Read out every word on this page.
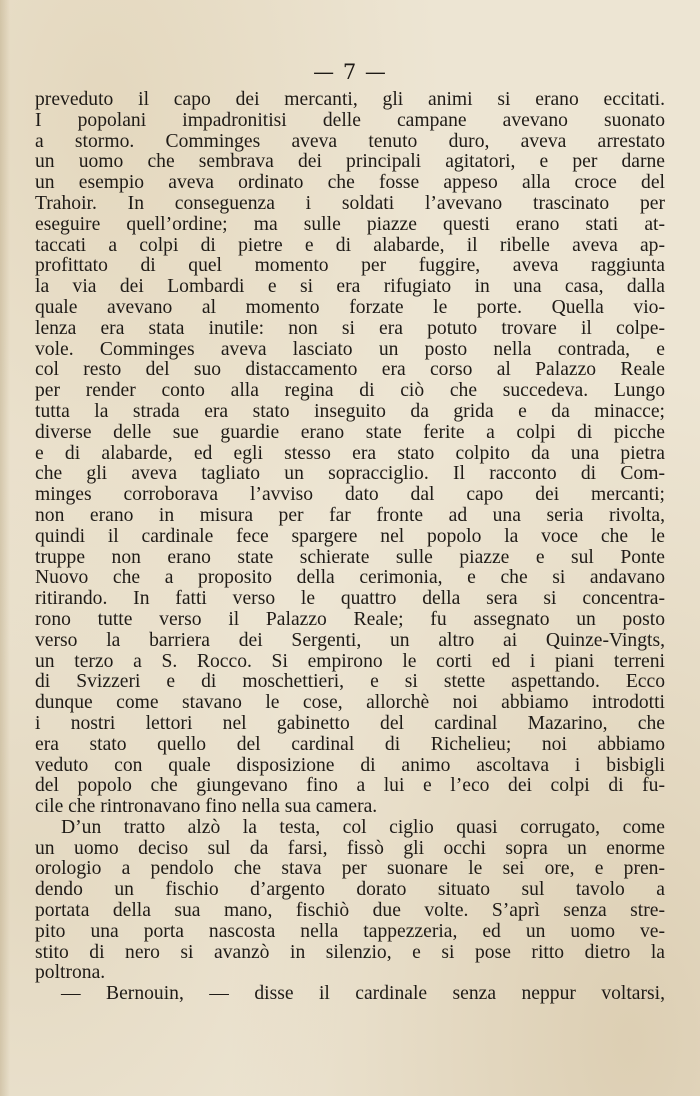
— 7 —
preveduto il capo dei mercanti, gli animi si erano eccitati.
I popolani impadronitisi delle campane avevano suonato
a stormo. Comminges aveva tenuto duro, aveva arrestato
un uomo che sembrava dei principali agitatori, e per darne
un esempio aveva ordinato che fosse appeso alla croce del
Trahoir. In conseguenza i soldati l’avevano trascinato per
eseguire quell’ordine; ma sulle piazze questi erano stati at-
taccati a colpi di pietre e di alabarde, il ribelle aveva ap-
profittato di quel momento per fuggire, aveva raggiunta
la via dei Lombardi e si era rifugiato in una casa, dalla
quale avevano al momento forzate le porte. Quella vio-
lenza era stata inutile: non si era potuto trovare il colpe-
vole. Comminges aveva lasciato un posto nella contrada, e
col resto del suo distaccamento era corso al Palazzo Reale
per render conto alla regina di ciò che succedeva. Lungo
tutta la strada era stato inseguito da grida e da minacce;
diverse delle sue guardie erano state ferite a colpi di picche
e di alabarde, ed egli stesso era stato colpito da una pietra
che gli aveva tagliato un sopracciglio. Il racconto di Com-
minges corroborava l’avviso dato dal capo dei mercanti;
non erano in misura per far fronte ad una seria rivolta,
quindi il cardinale fece spargere nel popolo la voce che le
truppe non erano state schierate sulle piazze e sul Ponte
Nuovo che a proposito della cerimonia, e che si andavano
ritirando. In fatti verso le quattro della sera si concentra-
rono tutte verso il Palazzo Reale; fu assegnato un posto
verso la barriera dei Sergenti, un altro ai Quinze-Vingts,
un terzo a S. Rocco. Si empirono le corti ed i piani terreni
di Svizzeri e di moschettieri, e si stette aspettando. Ecco
dunque come stavano le cose, allorchè noi abbiamo introdotti
i nostri lettori nel gabinetto del cardinal Mazarino, che
era stato quello del cardinal di Richelieu; noi abbiamo
veduto con quale disposizione di animo ascoltava i bisbigli
del popolo che giungevano fino a lui e l’eco dei colpi di fu-
cile che rintronavano fino nella sua camera.
D’un tratto alzò la testa, col ciglio quasi corrugato, come
un uomo deciso sul da farsi, fissò gli occhi sopra un enorme
orologio a pendolo che stava per suonare le sei ore, e pren-
dendo un fischio d’argento dorato situato sul tavolo a
portata della sua mano, fischiò due volte. S’aprì senza stre-
pito una porta nascosta nella tappezzeria, ed un uomo ve-
stito di nero si avanzò in silenzio, e si pose ritto dietro la
poltrona.
— Bernouin, — disse il cardinale senza neppur voltarsi,
